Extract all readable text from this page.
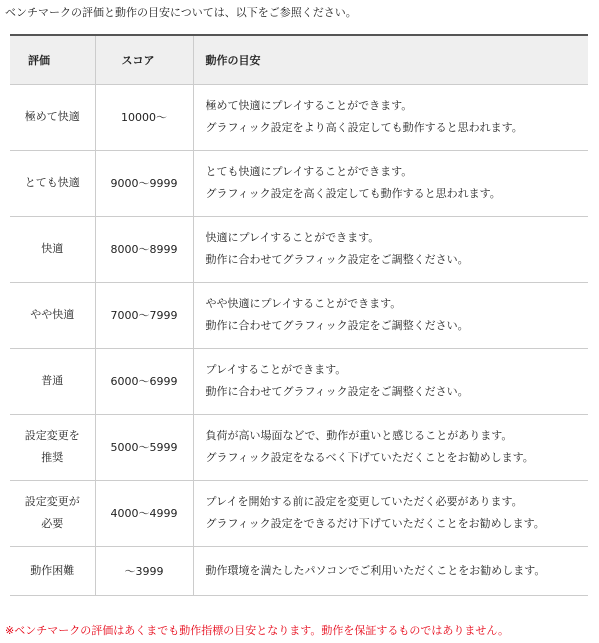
ベンチマークの評価と動作の目安については、以下をご参照ください。
評価	スコア	動作の目安

極めて快適	10000～	極めて快適にプレイすることができます。
グラフィック設定をより高く設定しても動作すると思われます。

とても快適	9000～9999	とても快適にプレイすることができます。
グラフィック設定を高く設定しても動作すると思われます。

快適	8000～8999	快適にプレイすることができます。
動作に合わせてグラフィック設定をご調整ください。

やや快適	7000～7999	やや快適にプレイすることができます。
動作に合わせてグラフィック設定をご調整ください。

普通	6000～6999	プレイすることができます。
動作に合わせてグラフィック設定をご調整ください。

設定変更を
推奨	5000～5999	負荷が高い場面などで、動作が重いと感じることがあります。
グラフィック設定をなるべく下げていただくことをお勧めします。

設定変更が
必要	4000～4999	プレイを開始する前に設定を変更していただく必要があります。
グラフィック設定をできるだけ下げていただくことをお勧めします。

動作困難	～3999	動作環境を満たしたパソコンでご利用いただくことをお勧めします。
※ベンチマークの評価はあくまでも動作指標の目安となります。動作を保証するものではありません。
